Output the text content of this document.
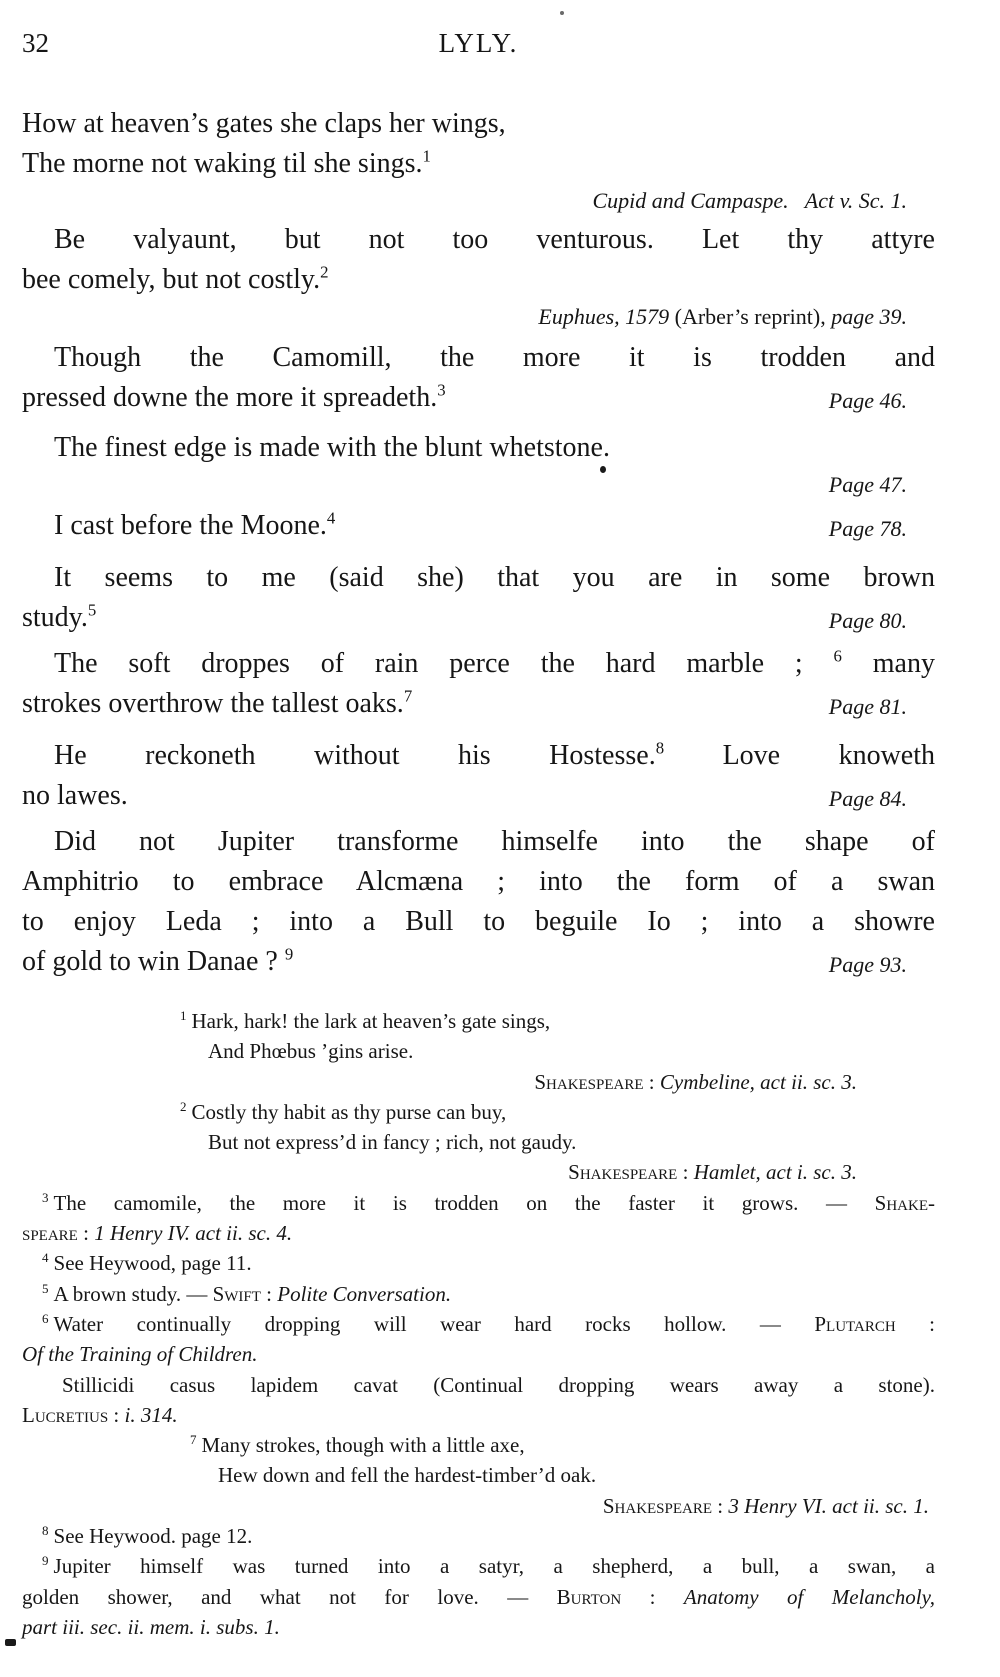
32	LYLY.
How at heaven’s gates she claps her wings,
The morne not waking til she sings.$^1$
Cupid and Campaspe.   Act v. Sc. 1.
Be valyaunt, but not too venturous. Let thy attyre
bee comely, but not costly.$^2$
Euphues, 1579 (Arber’s reprint), page 39.
Though the Camomill, the more it is trodden and
pressed downe the more it spreadeth.$^3$	Page 46.
The finest edge is made with the blunt whetstone.
Page 47.
I cast before the Moone.$^4$	Page 78.
It seems to me (said she) that you are in some brown
study.$^5$	Page 80.
The soft droppes of rain perce the hard marble ; $^6$ many
strokes overthrow the tallest oaks.$^7$	Page 81.
He reckoneth without his Hostesse.$^8$ Love knoweth
no lawes.	Page 84.
Did not Jupiter transforme himselfe into the shape of
Amphitrio to embrace Alcmæna ; into the form of a swan
to enjoy Leda ; into a Bull to beguile Io ; into a showre
of gold to win Danae ? $^9$	Page 93.
$^1$ Hark, hark! the lark at heaven’s gate sings,
And Phœbus ’gins arise.
Shakespeare : Cymbeline, act ii. sc. 3.
$^2$ Costly thy habit as thy purse can buy,
But not express’d in fancy ; rich, not gaudy.
Shakespeare : Hamlet, act i. sc. 3.
$^3$ The camomile, the more it is trodden on the faster it grows. — Shake-
speare : 1 Henry IV. act ii. sc. 4.
$^4$ See Heywood, page 11.
$^5$ A brown study. — Swift : Polite Conversation.
$^6$ Water continually dropping will wear hard rocks hollow. — Plutarch :
Of the Training of Children.
Stillicidi casus lapidem cavat (Continual dropping wears away a stone).
Lucretius : i. 314.
$^7$ Many strokes, though with a little axe,
Hew down and fell the hardest-timber’d oak.
Shakespeare : 3 Henry VI. act ii. sc. 1.
$^8$ See Heywood. page 12.
$^9$ Jupiter himself was turned into a satyr, a shepherd, a bull, a swan, a
golden shower, and what not for love. — Burton : Anatomy of Melancholy,
part iii. sec. ii. mem. i. subs. 1.
